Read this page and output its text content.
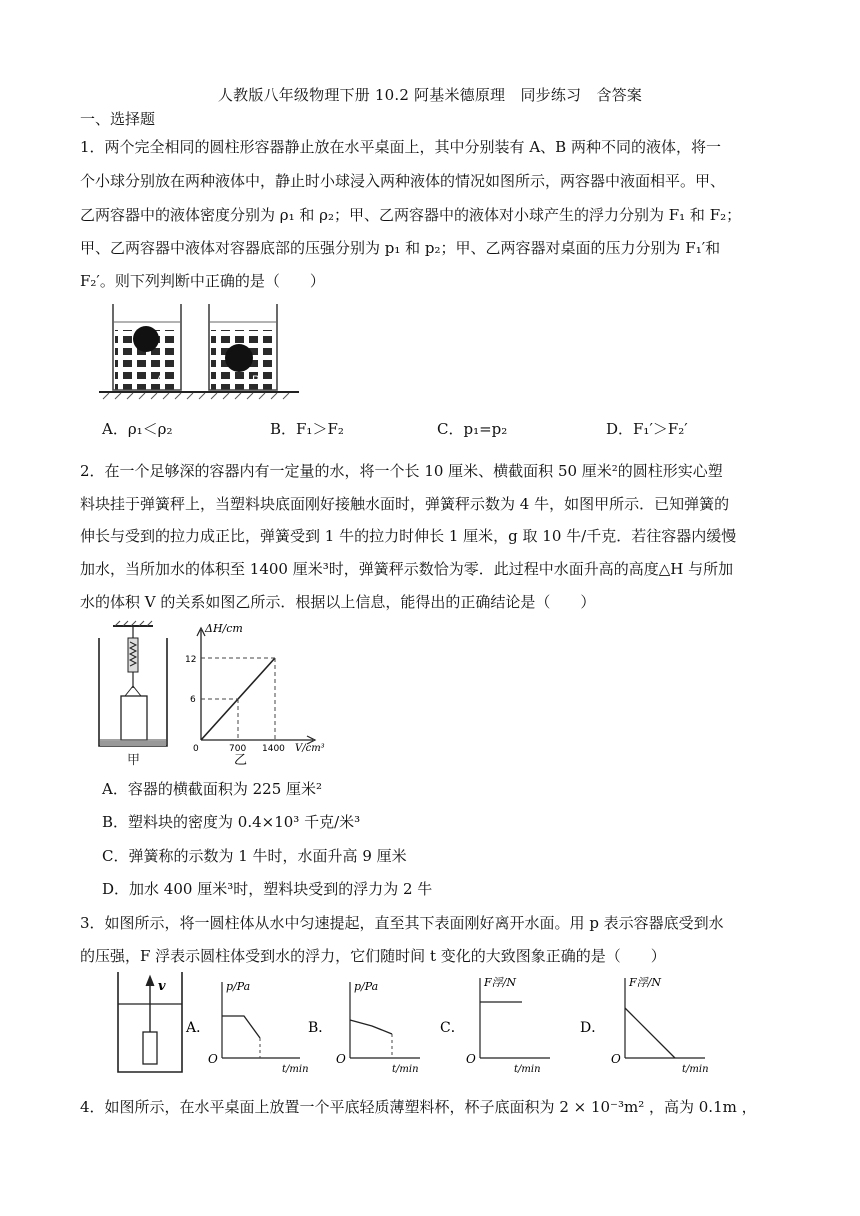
人教版八年级物理下册 10.2 阿基米德原理　同步练习　含答案
一、选择题
1．两个完全相同的圆柱形容器静止放在水平桌面上，其中分别装有 A、B 两种不同的液体，将一
个小球分别放在两种液体中，静止时小球浸入两种液体的情况如图所示，两容器中液面相平。甲、
乙两容器中的液体密度分别为 ρ₁ 和 ρ₂；甲、乙两容器中的液体对小球产生的浮力分别为 F₁ 和 F₂；
甲、乙两容器中液体对容器底部的压强分别为 p₁ 和 p₂；甲、乙两容器对桌面的压力分别为 F₁′和
F₂′。则下列判断中正确的是（　　）
A	B
A．ρ₁＜ρ₂	B．F₁＞F₂	C．p₁=p₂	D．F₁′＞F₂′
2．在一个足够深的容器内有一定量的水，将一个长 10 厘米、横截面积 50 厘米²的圆柱形实心塑
料块挂于弹簧秤上，当塑料块底面刚好接触水面时，弹簧秤示数为 4 牛，如图甲所示．已知弹簧的
伸长与受到的拉力成正比，弹簧受到 1 牛的拉力时伸长 1 厘米，g 取 10 牛/千克．若往容器内缓慢
加水，当所加水的体积至 1400 厘米³时，弹簧秤示数恰为零．此过程中水面升高的高度△H 与所加
水的体积 V 的关系如图乙所示．根据以上信息，能得出的正确结论是（　　）
甲
ΔH/cm
12
6
0	700 1400 V/cm³
乙
A．容器的横截面积为 225 厘米²
B．塑料块的密度为 0.4×10³ 千克/米³
C．弹簧称的示数为 1 牛时，水面升高 9 厘米
D．加水 400 厘米³时，塑料块受到的浮力为 2 牛
3．如图所示，将一圆柱体从水中匀速提起，直至其下表面刚好离开水面。用 p 表示容器底受到水
的压强，F 浮表示圆柱体受到水的浮力，它们随时间 t 变化的大致图象正确的是（　　）
v
A．
p/Pa
O
t/min
B．
p/Pa
O
t/min
C．
F浮/N
O
t/min
D．
F浮/N
O
t/min
4．如图所示，在水平桌面上放置一个平底轻质薄塑料杯，杯子底面积为 2 × 10⁻³m² ，高为 0.1m ，
